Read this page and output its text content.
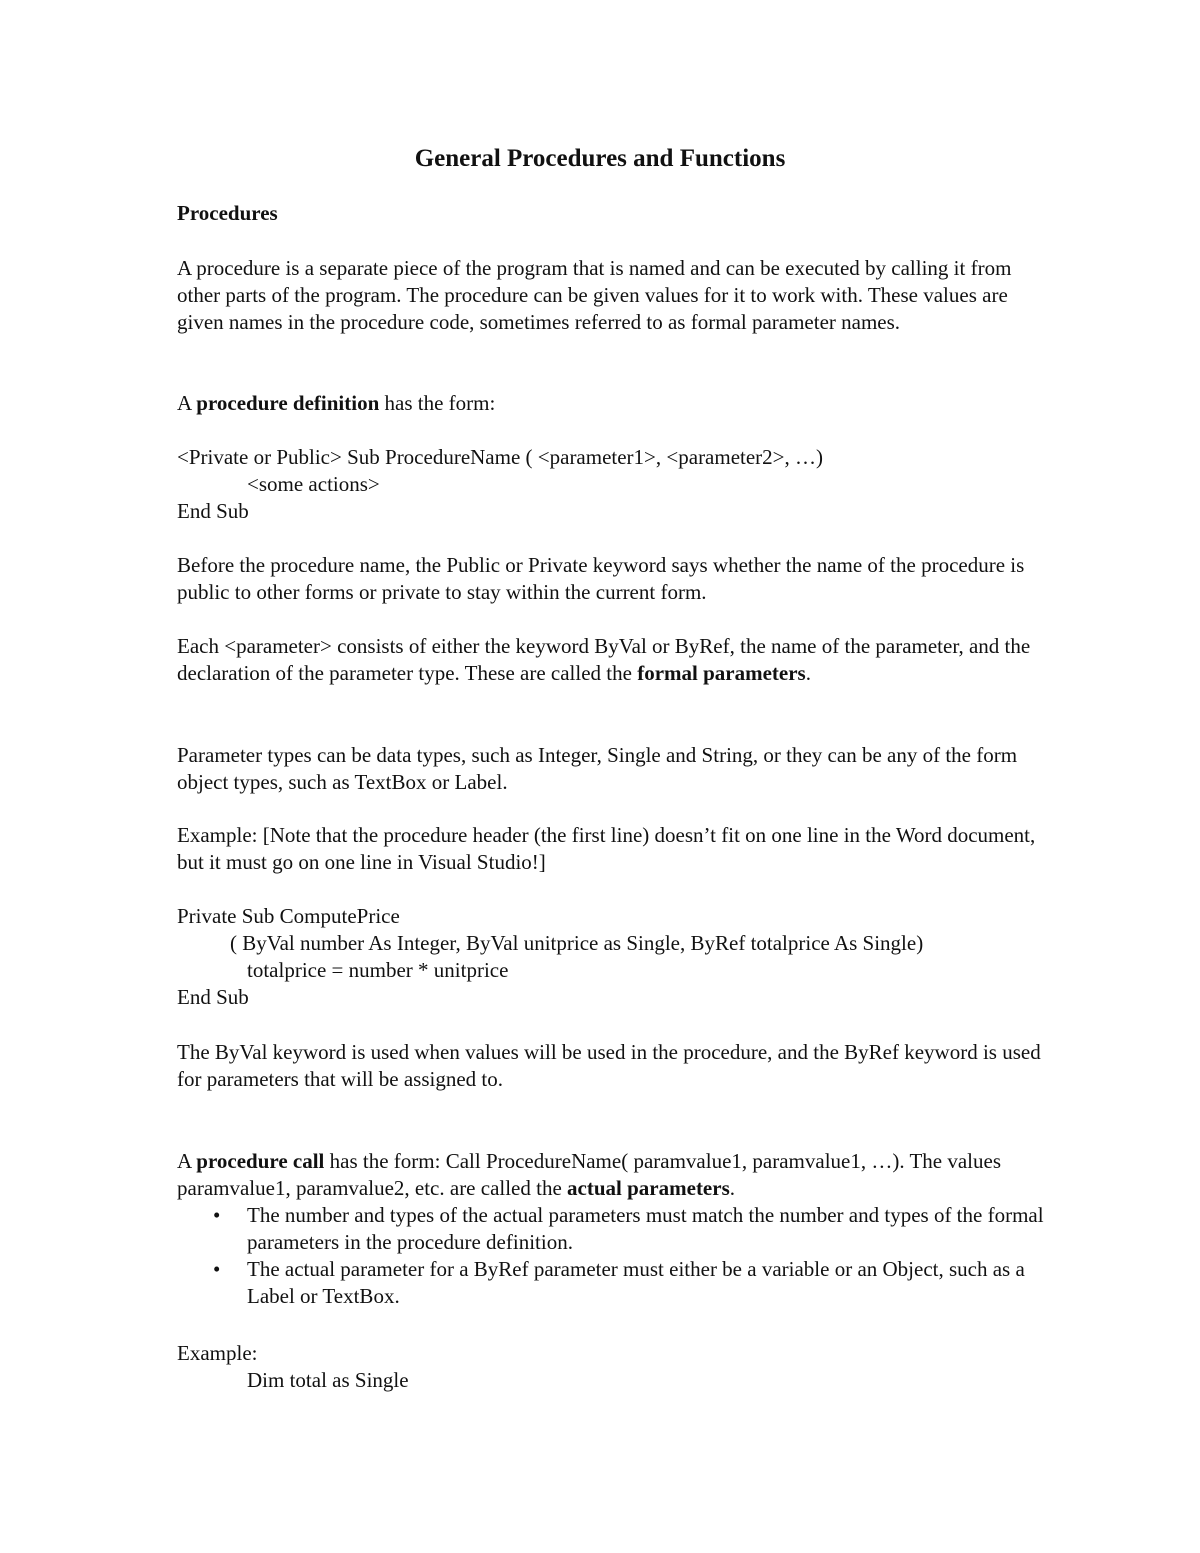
General Procedures and Functions

Procedures

A procedure is a separate piece of the program that is named and can be executed by calling it from other parts of the program. The procedure can be given values for it to work with. These values are given names in the procedure code, sometimes referred to as formal parameter names.

A procedure definition has the form:

<Private or Public> Sub ProcedureName ( <parameter1>, <parameter2>, …)

<some actions>

End Sub

Before the procedure name, the Public or Private keyword says whether the name of the procedure is public to other forms or private to stay within the current form.

Each <parameter> consists of either the keyword ByVal or ByRef, the name of the parameter, and the declaration of the parameter type. These are called the formal parameters.

Parameter types can be data types, such as Integer, Single and String, or they can be any of the form object types, such as TextBox or Label.

Example: [Note that the procedure header (the first line) doesn’t fit on one line in the Word document, but it must go on one line in Visual Studio!]

Private Sub ComputePrice

( ByVal number As Integer, ByVal unitprice as Single, ByRef totalprice As Single)

totalprice = number * unitprice

End Sub

The ByVal keyword is used when values will be used in the procedure, and the ByRef keyword is used for parameters that will be assigned to.

A procedure call has the form: Call ProcedureName( paramvalue1, paramvalue1, …). The values paramvalue1, paramvalue2, etc. are called the actual parameters.

• The number and types of the actual parameters must match the number and types of the formal parameters in the procedure definition.
• The actual parameter for a ByRef parameter must either be a variable or an Object, such as a Label or TextBox.

Example:

Dim total as Single
